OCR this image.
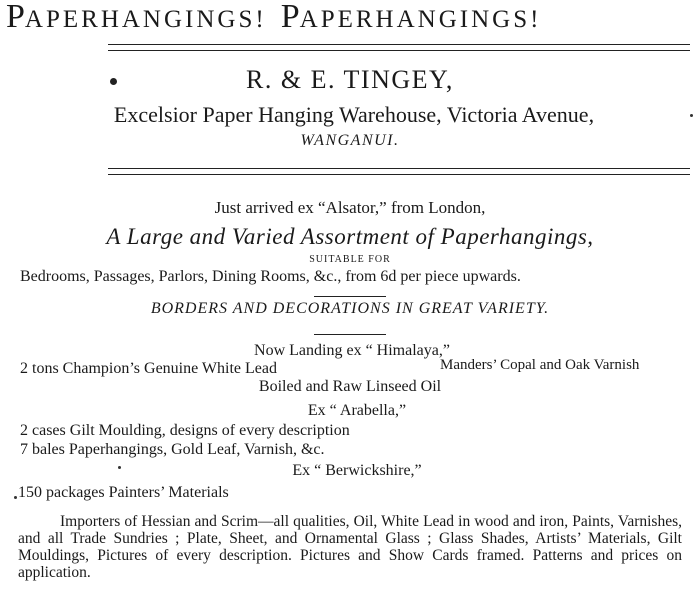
PAPERHANGINGS! PAPERHANGINGS!
R. & E. TINGEY,
Excelsior Paper Hanging Warehouse, Victoria Avenue,
WANGANUI.
Just arrived ex “Alsator,” from London,
A Large and Varied Assortment of Paperhangings,
SUITABLE FOR
Bedrooms, Passages, Parlors, Dining Rooms, &c., from 6d per piece upwards.
BORDERS AND DECORATIONS IN GREAT VARIETY.
Now Landing ex “ Himalaya,”
2 tons Champion’s Genuine White Lead	Manders’ Copal and Oak Varnish
Boiled and Raw Linseed Oil
Ex “ Arabella,”
2 cases Gilt Moulding, designs of every description
7 bales Paperhangings, Gold Leaf, Varnish, &c.
Ex “ Berwickshire,”
150 packages Painters’ Materials
Importers of Hessian and Scrim—all qualities, Oil, White Lead in wood and iron, Paints, Varnishes, and all Trade Sundries ; Plate, Sheet, and Ornamental Glass ; Glass Shades, Artists’ Materials, Gilt Mouldings, Pictures of every description. Pictures and Show Cards framed. Patterns and prices on application.
